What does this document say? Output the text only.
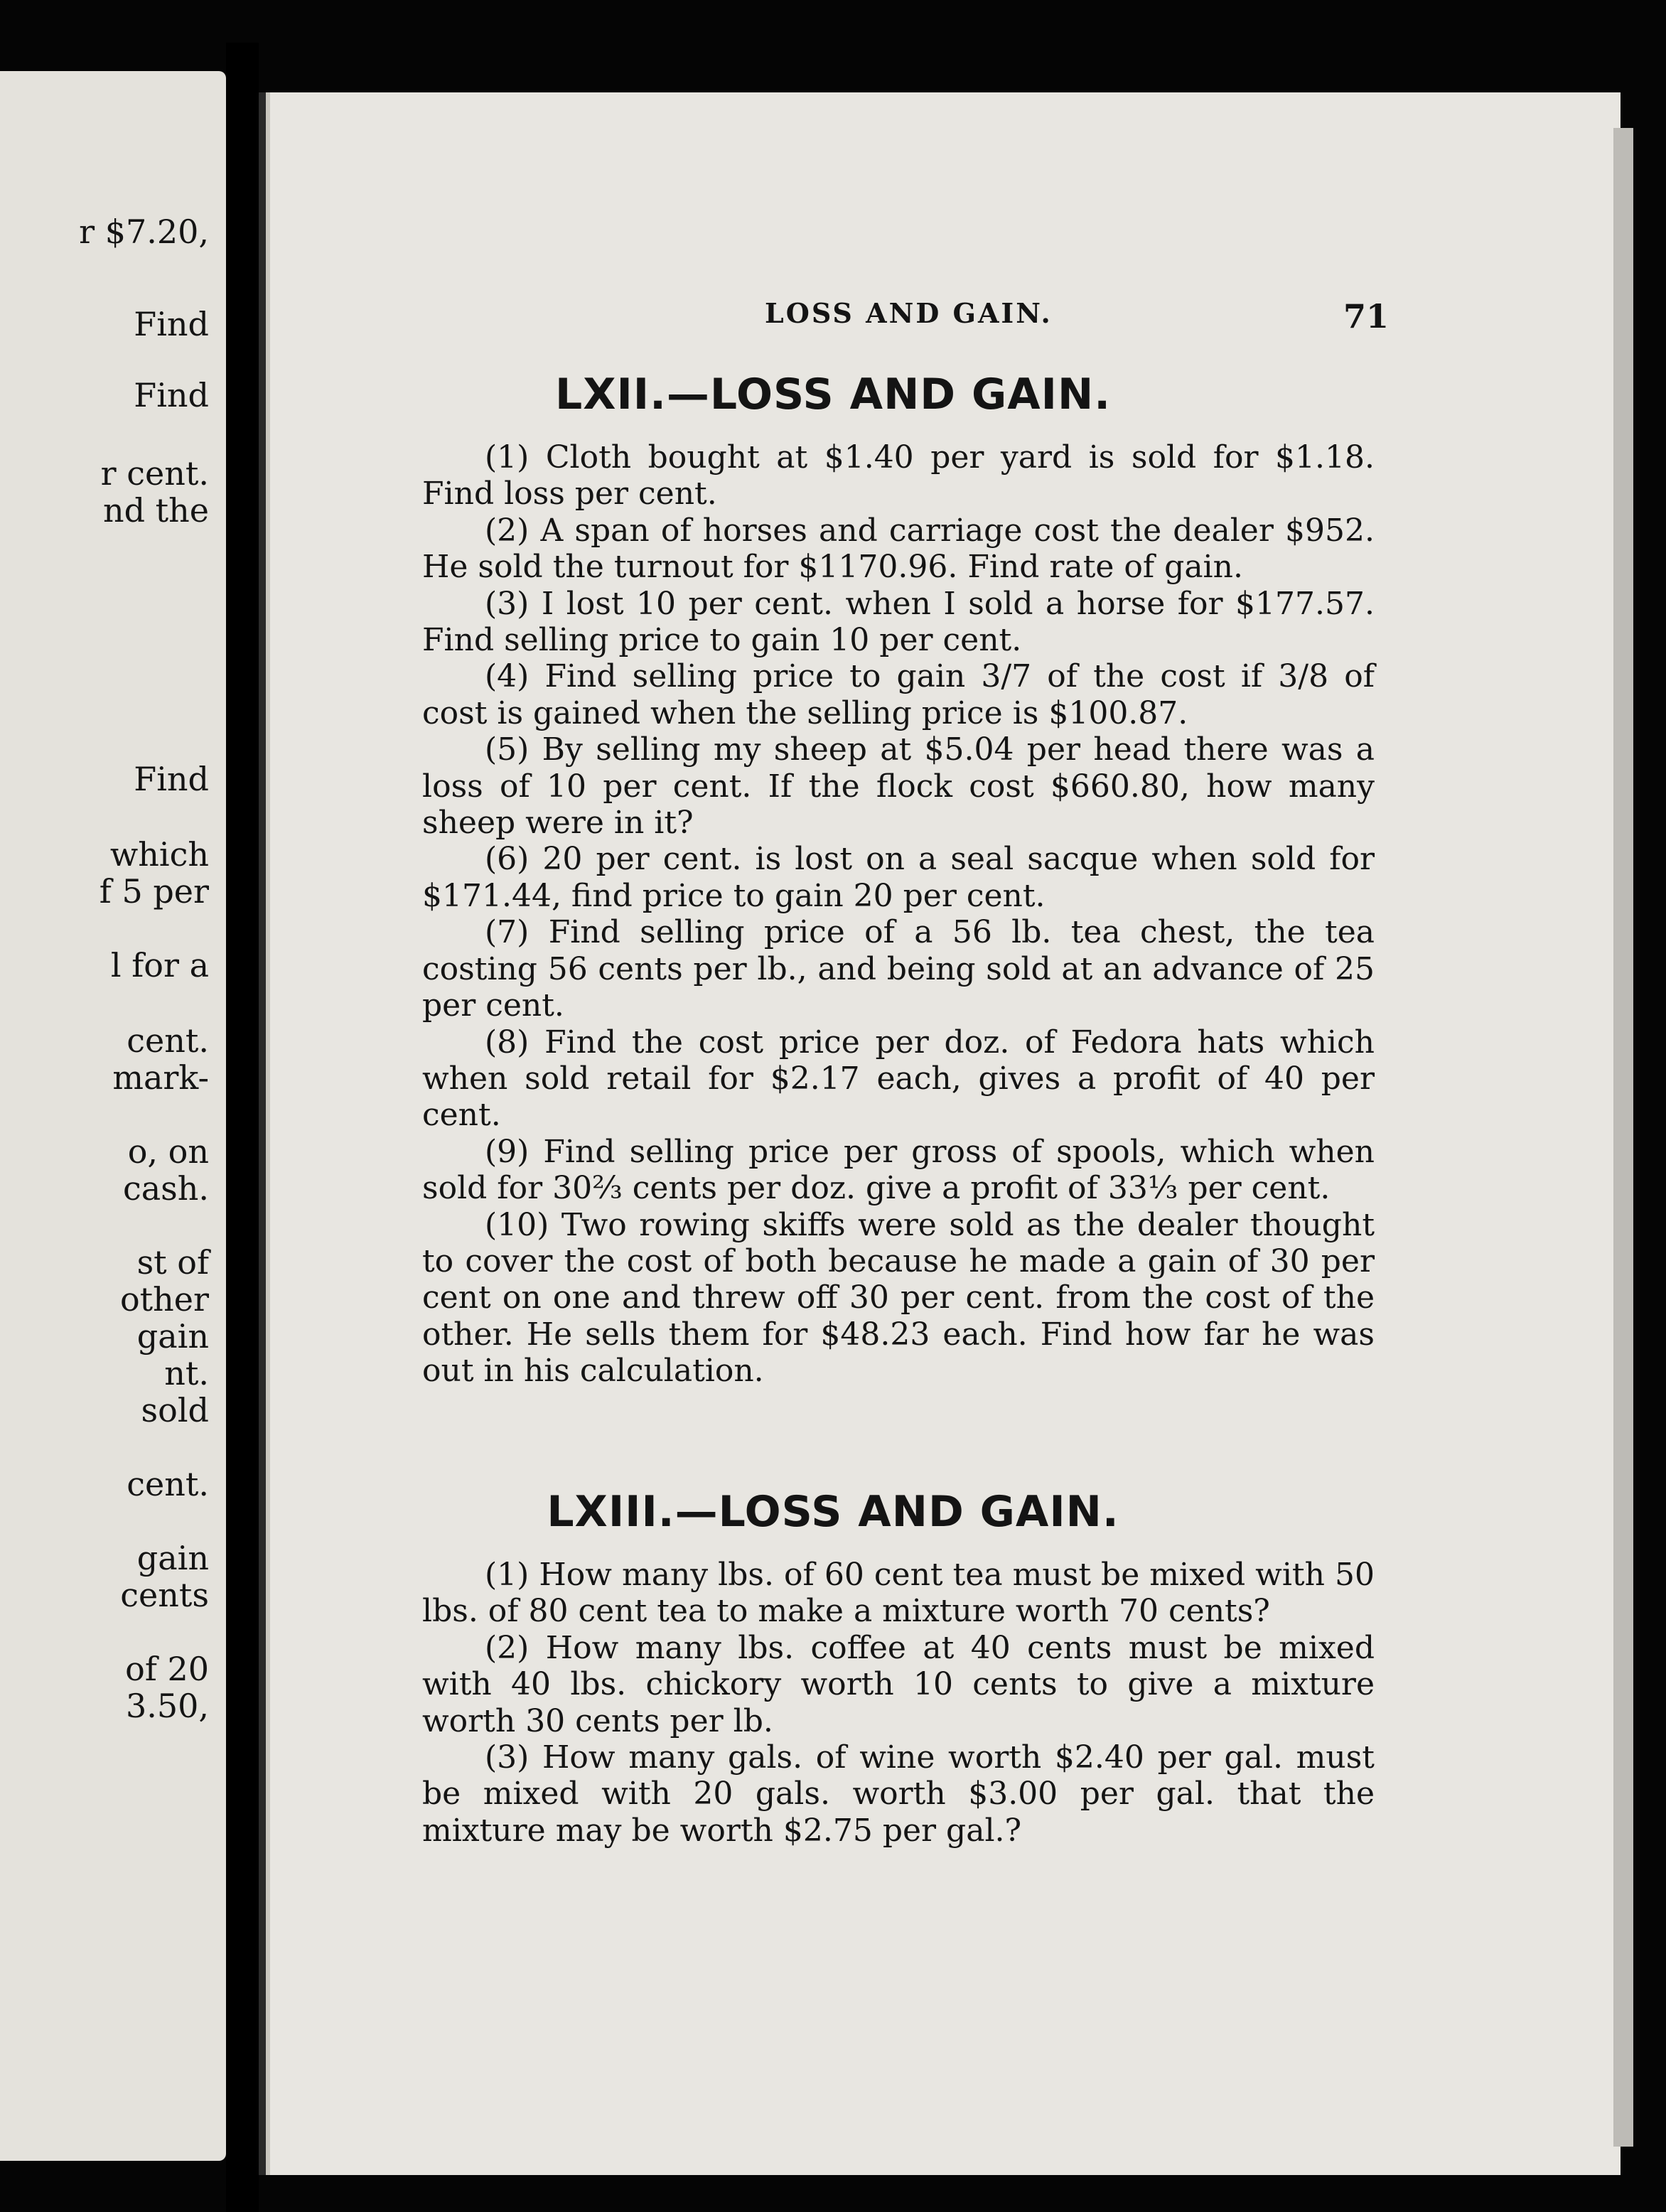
r $7.20,
Find
Find
r cent.
nd the
Find
which
f 5 per
l for a
cent.
mark-
o, on
cash.
st of
other
gain
nt.
sold
cent.
gain
cents
of 20
3.50,
LOSS AND GAIN.	71
LXII.—LOSS AND GAIN.

(1) Cloth bought at $1.40 per yard is sold for $1.18. Find loss per cent.

(2) A span of horses and carriage cost the dealer $952. He sold the turnout for $1170.96. Find rate of gain.

(3) I lost 10 per cent. when I sold a horse for $177.57. Find selling price to gain 10 per cent.

(4) Find selling price to gain 3/7 of the cost if 3/8 of cost is gained when the selling price is $100.87.

(5) By selling my sheep at $5.04 per head there was a loss of 10 per cent. If the flock cost $660.80, how many sheep were in it?

(6) 20 per cent. is lost on a seal sacque when sold for $171.44, find price to gain 20 per cent.

(7) Find selling price of a 56 lb. tea chest, the tea costing 56 cents per lb., and being sold at an advance of 25 per cent.

(8) Find the cost price per doz. of Fedora hats which when sold retail for $2.17 each, gives a profit of 40 per cent.

(9) Find selling price per gross of spools, which when sold for 30⅔ cents per doz. give a profit of 33⅓ per cent.

(10) Two rowing skiffs were sold as the dealer thought to cover the cost of both because he made a gain of 30 per cent on one and threw off 30 per cent. from the cost of the other. He sells them for $48.23 each. Find how far he was out in his calculation.

LXIII.—LOSS AND GAIN.

(1) How many lbs. of 60 cent tea must be mixed with 50 lbs. of 80 cent tea to make a mixture worth 70 cents?

(2) How many lbs. coffee at 40 cents must be mixed with 40 lbs. chickory worth 10 cents to give a mixture worth 30 cents per lb.

(3) How many gals. of wine worth $2.40 per gal. must be mixed with 20 gals. worth $3.00 per gal. that the mixture may be worth $2.75 per gal.?
